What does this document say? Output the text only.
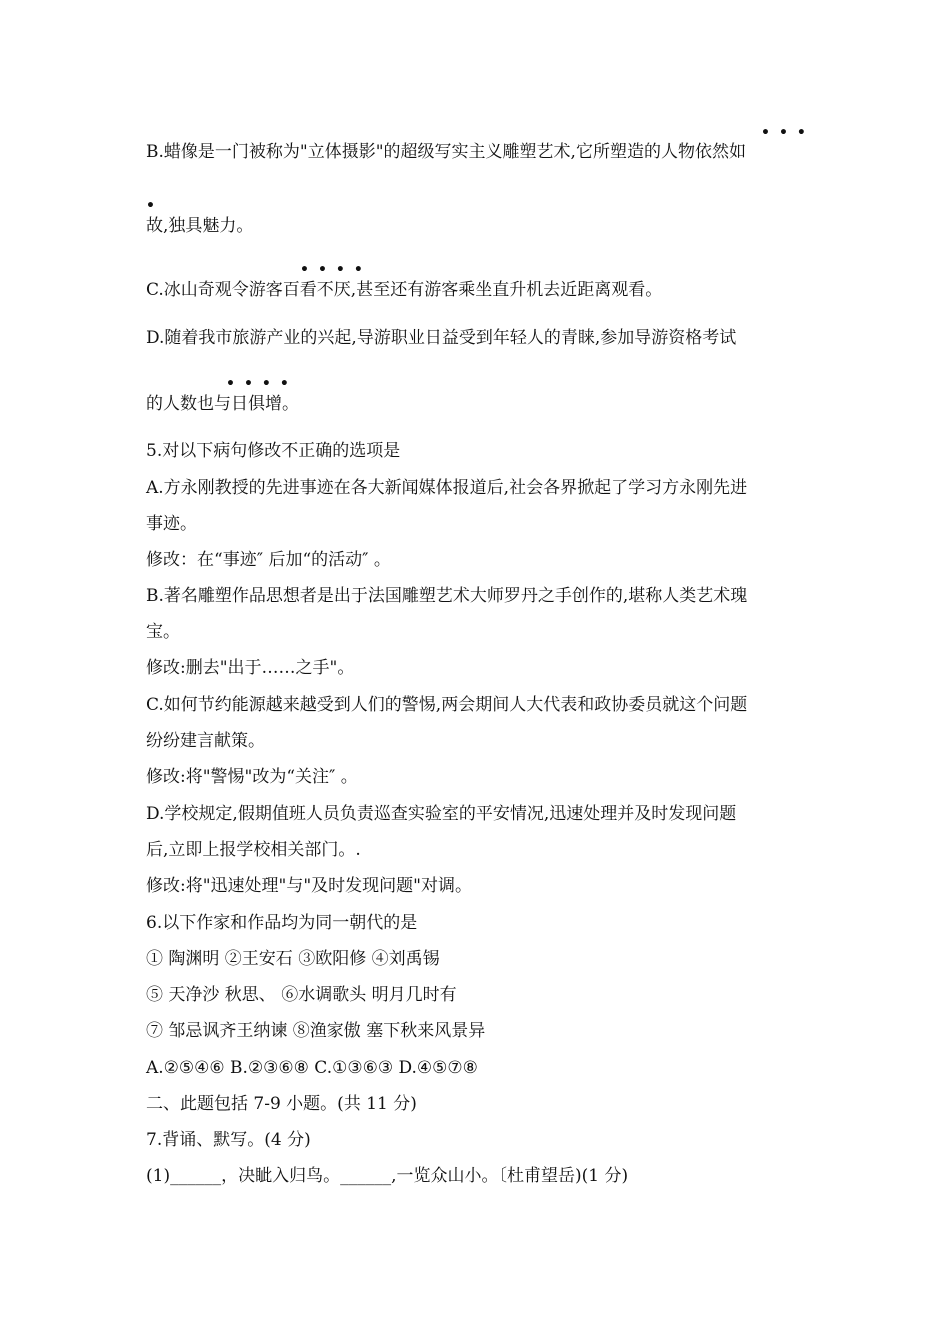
•••
B.蜡像是一门被称为"立体摄影"的超级写实主义雕塑艺术,它所塑造的人物依然如
•
故,独具魅力。
••••
C.冰山奇观令游客百看不厌,甚至还有游客乘坐直升机去近距离观看。
D.随着我市旅游产业的兴起,导游职业日益受到年轻人的青睐,参加导游资格考试
••••
的人数也与日俱增。
5.对以下病句修改不正确的选项是
A.方永刚教授的先进事迹在各大新闻媒体报道后,社会各界掀起了学习方永刚先进
事迹。
修改：在“事迹″ 后加“的活动″ 。
B.著名雕塑作品思想者是出于法国雕塑艺术大师罗丹之手创作的,堪称人类艺术瑰
宝。
修改:删去"出于……之手"。
C.如何节约能源越来越受到人们的警惕,两会期间人大代表和政协委员就这个问题
纷纷建言献策。
修改:将"警惕"改为“关注″ 。
D.学校规定,假期值班人员负责巡查实验室的平安情况,迅速处理并及时发现问题
后,立即上报学校相关部门。.
修改:将"迅速处理"与"及时发现问题"对调。
6.以下作家和作品均为同一朝代的是
① 陶渊明 ②王安石 ③欧阳修 ④刘禹锡
⑤ 天净沙 秋思、 ⑥水调歌头 明月几时有
⑦ 邹忌讽齐王纳谏 ⑧渔家傲 塞下秋来风景异
A.②⑤④⑥ B.②③⑥⑧ C.①③⑥③ D.④⑤⑦⑧
二、此题包括 7-9 小题。(共 11 分)
7.背诵、默写。(4 分)
(1)______，决眦入归鸟。______,一览众山小。〔杜甫望岳)(1 分)
